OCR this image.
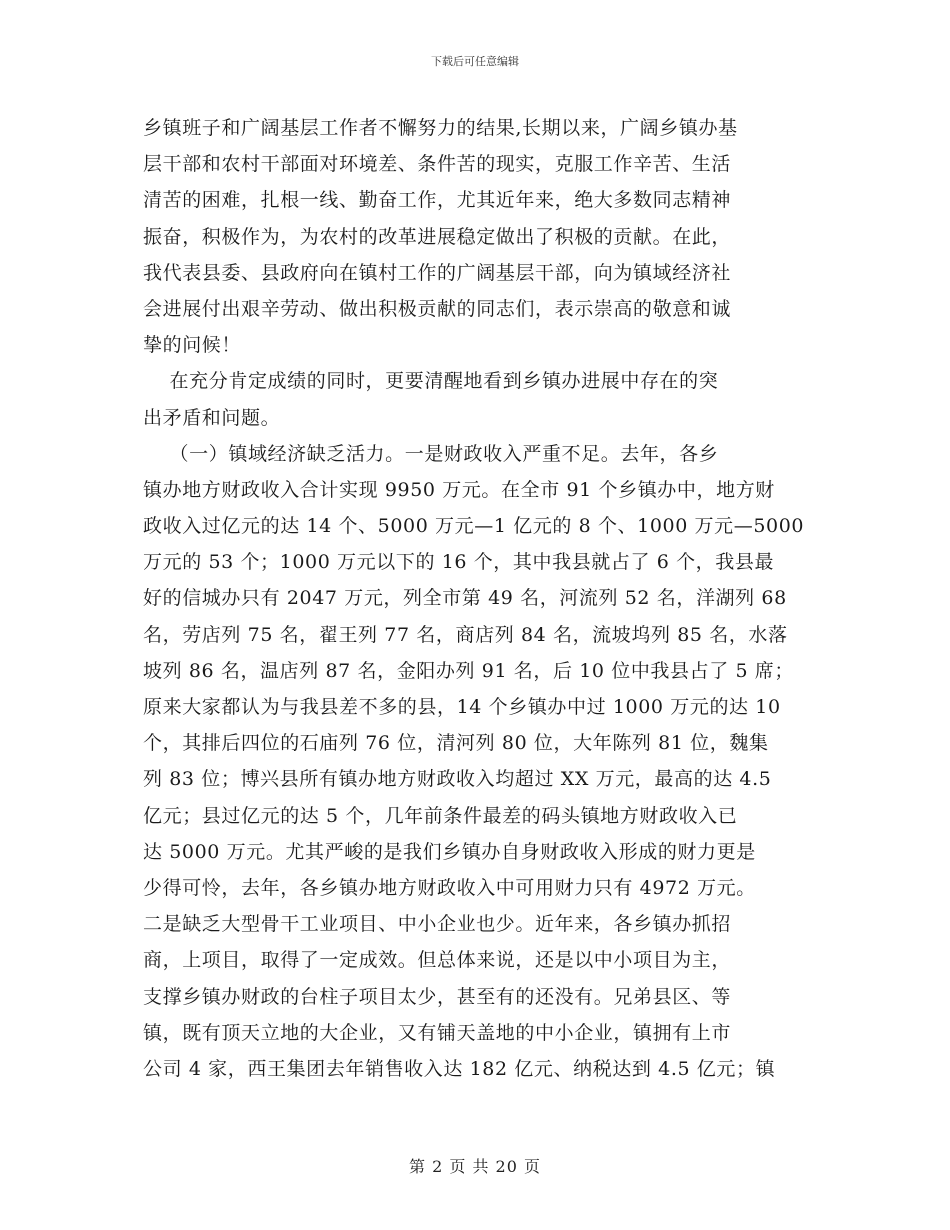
下载后可任意编辑
乡镇班子和广阔基层工作者不懈努力的结果,长期以来，广阔乡镇办基
层干部和农村干部面对环境差、条件苦的现实，克服工作辛苦、生活
清苦的困难，扎根一线、勤奋工作，尤其近年来，绝大多数同志精神
振奋，积极作为，为农村的改革进展稳定做出了积极的贡献。在此，
我代表县委、县政府向在镇村工作的广阔基层干部，向为镇域经济社
会进展付出艰辛劳动、做出积极贡献的同志们，表示崇高的敬意和诚
挚的问候！
在充分肯定成绩的同时，更要清醒地看到乡镇办进展中存在的突
出矛盾和问题。
（一）镇域经济缺乏活力。一是财政收入严重不足。去年，各乡
镇办地方财政收入合计实现 9950 万元。在全市 91 个乡镇办中，地方财
政收入过亿元的达 14 个、5000 万元—1 亿元的 8 个、1000 万元—5000
万元的 53 个；1000 万元以下的 16 个，其中我县就占了 6 个，我县最
好的信城办只有 2047 万元，列全市第 49 名，河流列 52 名，洋湖列 68
名，劳店列 75 名，翟王列 77 名，商店列 84 名，流坡坞列 85 名，水落
坡列 86 名，温店列 87 名，金阳办列 91 名，后 10 位中我县占了 5 席；
原来大家都认为与我县差不多的县，14 个乡镇办中过 1000 万元的达 10
个，其排后四位的石庙列 76 位，清河列 80 位，大年陈列 81 位，魏集
列 83 位；博兴县所有镇办地方财政收入均超过 XX 万元，最高的达 4.5
亿元；县过亿元的达 5 个，几年前条件最差的码头镇地方财政收入已
达 5000 万元。尤其严峻的是我们乡镇办自身财政收入形成的财力更是
少得可怜，去年，各乡镇办地方财政收入中可用财力只有 4972 万元。
二是缺乏大型骨干工业项目、中小企业也少。近年来，各乡镇办抓招
商，上项目，取得了一定成效。但总体来说，还是以中小项目为主，
支撑乡镇办财政的台柱子项目太少，甚至有的还没有。兄弟县区、等
镇，既有顶天立地的大企业，又有铺天盖地的中小企业，镇拥有上市
公司 4 家，西王集团去年销售收入达 182 亿元、纳税达到 4.5 亿元；镇
第 2 页 共 20 页
